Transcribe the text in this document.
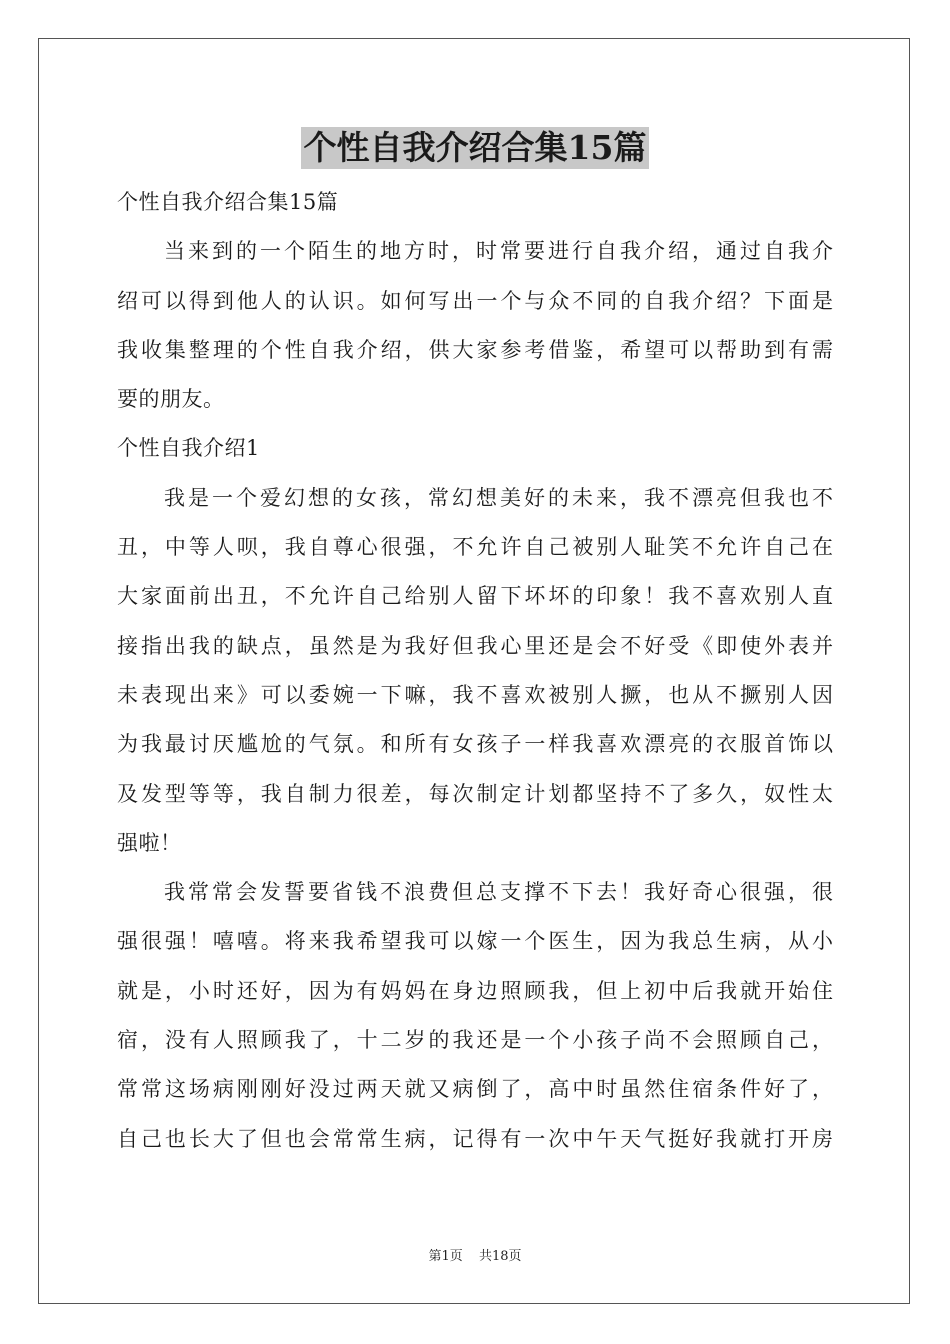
个性自我介绍合集15篇
个性自我介绍合集15篇
当来到的一个陌生的地方时，时常要进行自我介绍，通过自我介
绍可以得到他人的认识。如何写出一个与众不同的自我介绍？下面是
我收集整理的个性自我介绍，供大家参考借鉴，希望可以帮助到有需
要的朋友。
个性自我介绍1
我是一个爱幻想的女孩，常幻想美好的未来，我不漂亮但我也不
丑，中等人呗，我自尊心很强，不允许自己被别人耻笑不允许自己在
大家面前出丑，不允许自己给别人留下坏坏的印象！我不喜欢别人直
接指出我的缺点，虽然是为我好但我心里还是会不好受《即使外表并
未表现出来》可以委婉一下嘛，我不喜欢被别人撅，也从不撅别人因
为我最讨厌尴尬的气氛。和所有女孩子一样我喜欢漂亮的衣服首饰以
及发型等等，我自制力很差，每次制定计划都坚持不了多久，奴性太
强啦！
我常常会发誓要省钱不浪费但总支撑不下去！我好奇心很强，很
强很强！嘻嘻。将来我希望我可以嫁一个医生，因为我总生病，从小
就是，小时还好，因为有妈妈在身边照顾我，但上初中后我就开始住
宿，没有人照顾我了，十二岁的我还是一个小孩子尚不会照顾自己，
常常这场病刚刚好没过两天就又病倒了，高中时虽然住宿条件好了，
自己也长大了但也会常常生病，记得有一次中午天气挺好我就打开房
第1页 共18页
